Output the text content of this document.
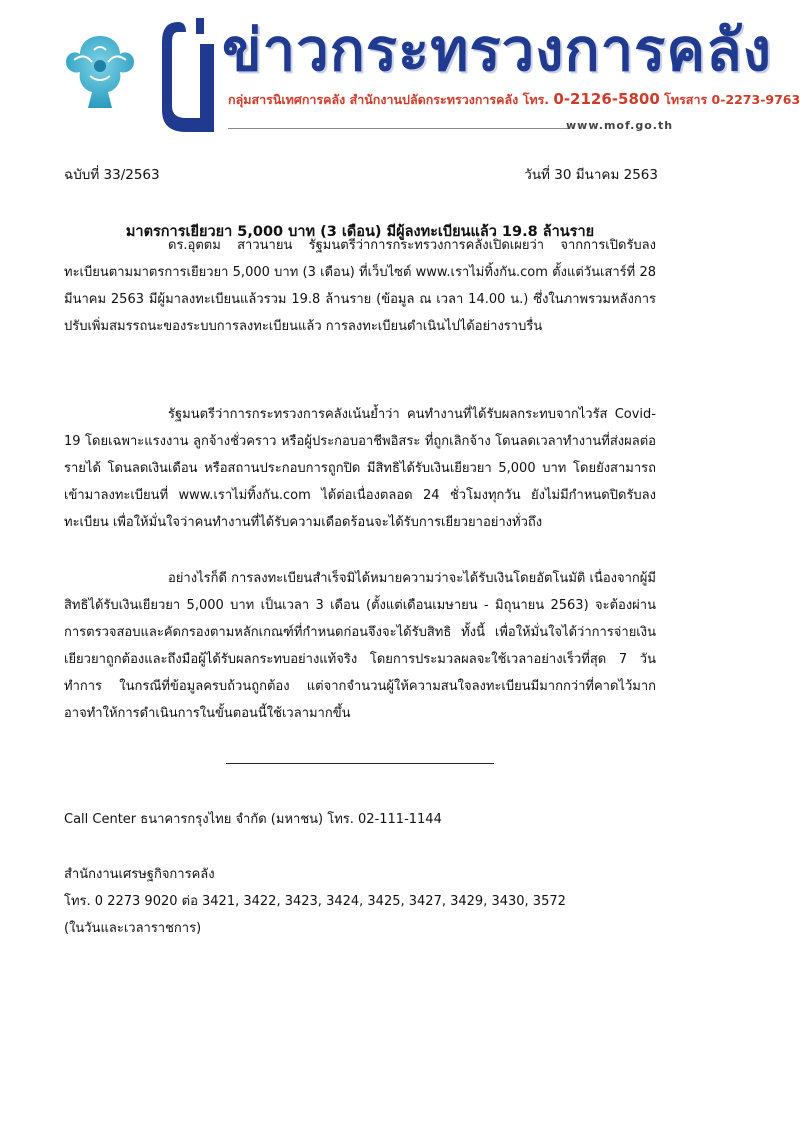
ข่าวกระทรวงการคลัง
กลุ่มสารนิเทศการคลัง สำนักงานปลัดกระทรวงการคลัง โทร. 0-2126-5800 โทรสาร 0-2273-9763
www.mof.go.th
ฉบับที่ 33/2563	วันที่ 30 มีนาคม 2563
มาตรการเยียวยา 5,000 บาท (3 เดือน) มีผู้ลงทะเบียนแล้ว 19.8 ล้านราย

ดร.อุตตม สาวนายน รัฐมนตรีว่าการกระทรวงการคลังเปิดเผยว่า จากการเปิดรับลงทะเบียนตามมาตรการเยียวยา 5,000 บาท (3 เดือน) ที่เว็บไซต์ www.เราไม่ทิ้งกัน.com ตั้งแต่วันเสาร์ที่ 28 มีนาคม 2563 มีผู้มาลงทะเบียนแล้วรวม 19.8 ล้านราย (ข้อมูล ณ เวลา 14.00 น.) ซึ่งในภาพรวมหลังการปรับเพิ่มสมรรถนะของระบบการลงทะเบียนแล้ว การลงทะเบียนดำเนินไปได้อย่างราบรื่น

รัฐมนตรีว่าการกระทรวงการคลังเน้นย้ำว่า คนทำงานที่ได้รับผลกระทบจากไวรัส Covid-19 โดยเฉพาะแรงงาน ลูกจ้างชั่วคราว หรือผู้ประกอบอาชีพอิสระ ที่ถูกเลิกจ้าง โดนลดเวลาทำงานที่ส่งผลต่อรายได้ โดนลดเงินเดือน หรือสถานประกอบการถูกปิด มีสิทธิได้รับเงินเยียวยา 5,000 บาท โดยยังสามารถเข้ามาลงทะเบียนที่ www.เราไม่ทิ้งกัน.com ได้ต่อเนื่องตลอด 24 ชั่วโมงทุกวัน ยังไม่มีกำหนดปิดรับลงทะเบียน เพื่อให้มั่นใจว่าคนทำงานที่ได้รับความเดือดร้อนจะได้รับการเยียวยาอย่างทั่วถึง

อย่างไรก็ดี การลงทะเบียนสำเร็จมิได้หมายความว่าจะได้รับเงินโดยอัตโนมัติ เนื่องจากผู้มีสิทธิได้รับเงินเยียวยา 5,000 บาท เป็นเวลา 3 เดือน (ตั้งแต่เดือนเมษายน - มิถุนายน 2563) จะต้องผ่านการตรวจสอบและคัดกรองตามหลักเกณฑ์ที่กำหนดก่อนจึงจะได้รับสิทธิ ทั้งนี้ เพื่อให้มั่นใจได้ว่าการจ่ายเงินเยียวยาถูกต้องและถึงมือผู้ได้รับผลกระทบอย่างแท้จริง โดยการประมวลผลจะใช้เวลาอย่างเร็วที่สุด 7 วันทำการ ในกรณีที่ข้อมูลครบถ้วนถูกต้อง แต่จากจำนวนผู้ให้ความสนใจลงทะเบียนมีมากกว่าที่คาดไว้มาก อาจทำให้การดำเนินการในขั้นตอนนี้ใช้เวลามากขึ้น

Call Center ธนาคารกรุงไทย จำกัด (มหาชน) โทร. 02-111-1144
สำนักงานเศรษฐกิจการคลัง
โทร. 0 2273 9020 ต่อ 3421, 3422, 3423, 3424, 3425, 3427, 3429, 3430, 3572
(ในวันและเวลาราชการ)
